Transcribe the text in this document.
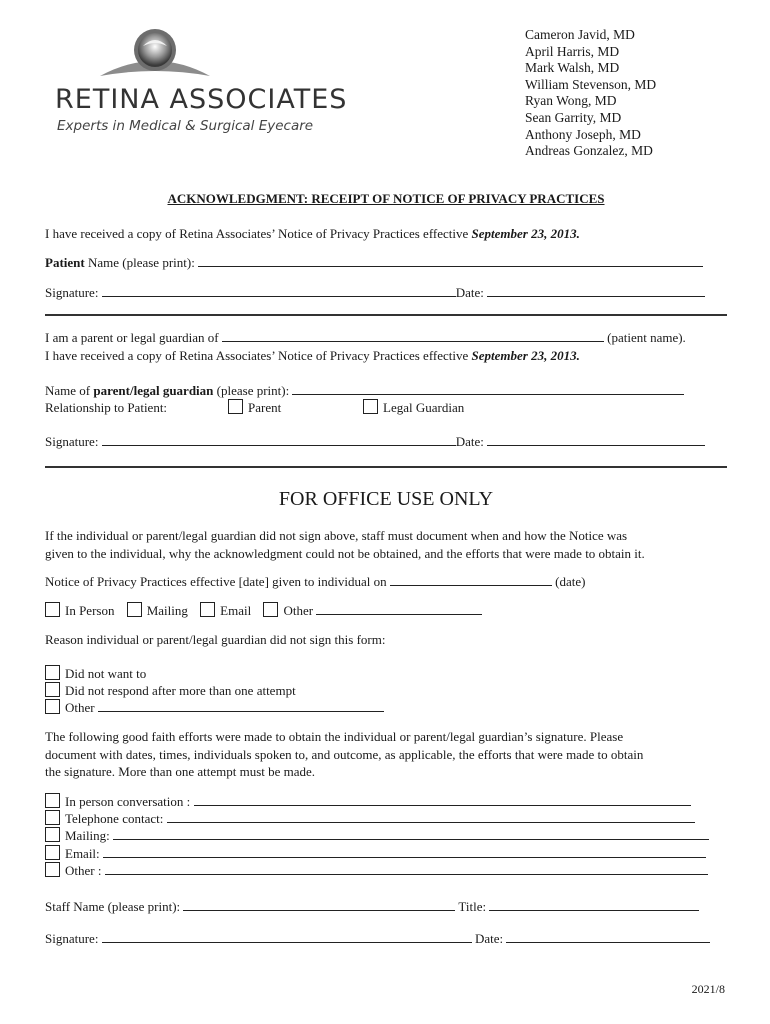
RETINA ASSOCIATES
Experts in Medical & Surgical Eyecare
Cameron Javid, MD
April Harris, MD
Mark Walsh, MD
William Stevenson, MD
Ryan Wong, MD
Sean Garrity, MD
Anthony Joseph, MD
Andreas Gonzalez, MD
ACKNOWLEDGMENT: RECEIPT OF NOTICE OF PRIVACY PRACTICES
I have received a copy of Retina Associates’ Notice of Privacy Practices effective September 23, 2013.
Patient Name (please print):
Signature:	Date:
I am a parent or legal guardian of	(patient name).
I have received a copy of Retina Associates’ Notice of Privacy Practices effective September 23, 2013.
Name of parent/legal guardian (please print):
Relationship to Patient:	Parent	Legal Guardian
Signature:	Date:
FOR OFFICE USE ONLY
If the individual or parent/legal guardian did not sign above, staff must document when and how the Notice was
given to the individual, why the acknowledgment could not be obtained, and the efforts that were made to obtain it.
Notice of Privacy Practices effective [date] given to individual on	(date)
In Person Mailing Email Other
Reason individual or parent/legal guardian did not sign this form:
Did not want to
Did not respond after more than one attempt
Other
The following good faith efforts were made to obtain the individual or parent/legal guardian’s signature. Please
document with dates, times, individuals spoken to, and outcome, as applicable, the efforts that were made to obtain
the signature. More than one attempt must be made.
In person conversation :
Telephone contact:
Mailing:
Email:
Other :
Staff Name (please print):	Title:
Signature:	Date:
2021/8
